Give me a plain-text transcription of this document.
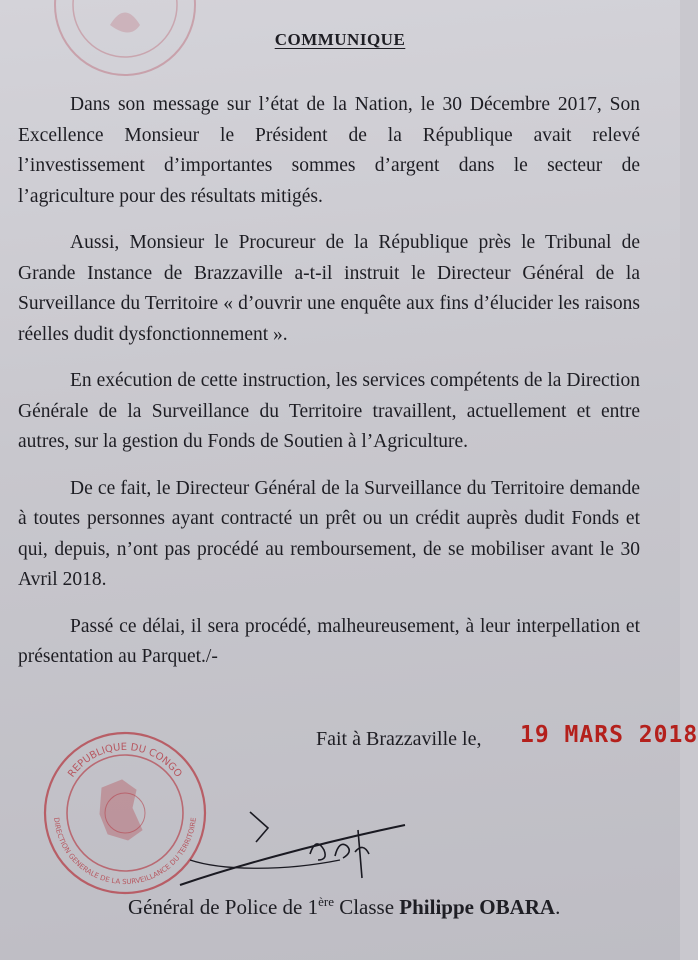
COMMUNIQUE

Dans son message sur l’état de la Nation, le 30 Décembre 2017, Son Excellence Monsieur le Président de la République avait relevé l’investissement d’importantes sommes d’argent dans le secteur de l’agriculture pour des résultats mitigés.

Aussi, Monsieur le Procureur de la République près le Tribunal de Grande Instance de Brazzaville a-t-il instruit le Directeur Général de la Surveillance du Territoire « d’ouvrir une enquête aux fins d’élucider les raisons réelles dudit dysfonctionnement ».

En exécution de cette instruction, les services compétents de la Direction Générale de la Surveillance du Territoire travaillent, actuellement et entre autres, sur la gestion du Fonds de Soutien à l’Agriculture.

De ce fait, le Directeur Général de la Surveillance du Territoire demande à toutes personnes ayant contracté un prêt ou un crédit auprès dudit Fonds et qui, depuis, n’ont pas procédé au remboursement, de se mobiliser avant le 30 Avril 2018.

Passé ce délai, il sera procédé, malheureusement, à leur interpellation et présentation au Parquet./-

Fait à Brazzaville le, 19 MARS 2018
REPUBLIQUE DU CONGO
DIRECTION GENERALE DE LA SURVEILLANCE DU TERRITOIRE
Général de Police de 1ère Classe Philippe OBARA.
